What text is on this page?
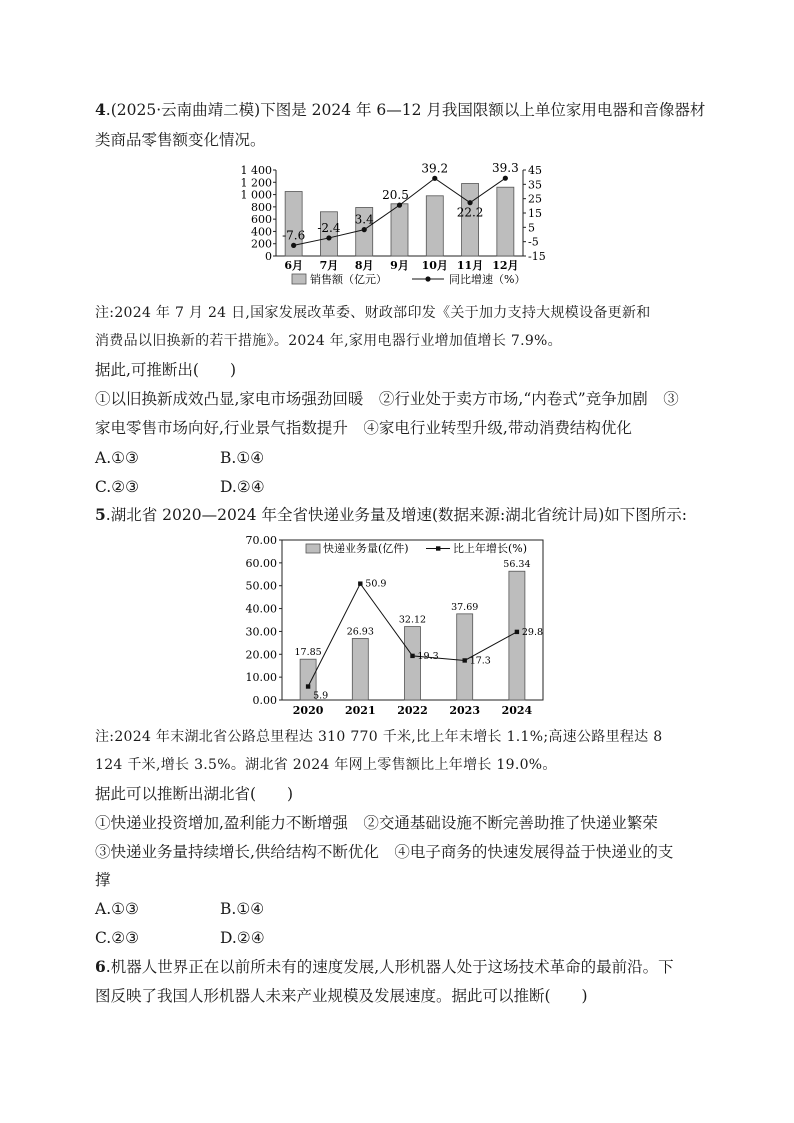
4.(2025·云南曲靖二模)下图是 2024 年 6—12 月我国限额以上单位家用电器和音像器材
类商品零售额变化情况。
0
200
400
600
800
1 000
1 200
1 400
-15
-5
5
15
25
35
45
6月 7月 8月 9月 10月 11月 12月
-7.6
-2.4
3.4
20.5
39.2
22.2
39.3
销售额（亿元）	同比增速（%）
注:2024 年 7 月 24 日,国家发展改革委、财政部印发《关于加力支持大规模设备更新和
消费品以旧换新的若干措施》。2024 年,家用电器行业增加值增长 7.9%。
据此,可推断出(　　)
①以旧换新成效凸显,家电市场强劲回暖　②行业处于卖方市场,“内卷式”竞争加剧　③
家电零售市场向好,行业景气指数提升　④家电行业转型升级,带动消费结构优化
A.①③	B.①④
C.②③	D.②④
5.湖北省 2020—2024 年全省快递业务量及增速(数据来源:湖北省统计局)如下图所示:
0.00
10.00
20.00
30.00
40.00
50.00
60.00
70.00
17.85
26.93
32.12
37.69
56.34
2020 2021 2022 2023 2024
5.9
50.9
19.3	17.3
29.8
快递业务量(亿件)	比上年增长(%)
注:2024 年末湖北省公路总里程达 310 770 千米,比上年末增长 1.1%;高速公路里程达 8
124 千米,增长 3.5%。湖北省 2024 年网上零售额比上年增长 19.0%。
据此可以推断出湖北省(　　)
①快递业投资增加,盈利能力不断增强　②交通基础设施不断完善助推了快递业繁荣
③快递业务量持续增长,供给结构不断优化　④电子商务的快速发展得益于快递业的支
撑
A.①③	B.①④
C.②③	D.②④
6.机器人世界正在以前所未有的速度发展,人形机器人处于这场技术革命的最前沿。下
图反映了我国人形机器人未来产业规模及发展速度。据此可以推断(　　)
